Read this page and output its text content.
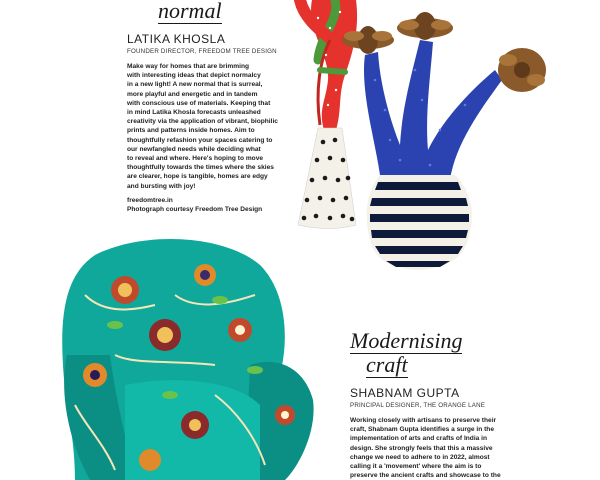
normal
LATIKA KHOSLA
FOUNDER DIRECTOR, FREEDOM TREE DESIGN
Make way for homes that are brimming
with interesting ideas that depict normalcy
in a new light! A new normal that is surreal,
more playful and energetic and in tandem
with conscious use of materials. Keeping that
in mind Latika Khosla forecasts unleashed
creativity via the application of vibrant, biophilic
prints and patterns inside homes. Aim to
thoughtfully refashion your spaces catering to
our newfangled needs while deciding what
to reveal and where. Here's hoping to move
thoughtfully towards the times where the skies
are clearer, hope is tangible, homes are edgy
and bursting with joy!
freedomtree.in
Photograph courtesy Freedom Tree Design
Modernising
craft
SHABNAM GUPTA
PRINCIPAL DESIGNER, THE ORANGE LANE
Working closely with artisans to preserve their
craft, Shabnam Gupta identifies a surge in the
implementation of arts and crafts of India in
design. She strongly feels that this a massive
change we need to adhere to in 2022, almost
calling it a 'movement' where the aim is to
preserve the ancient crafts and showcase to the
